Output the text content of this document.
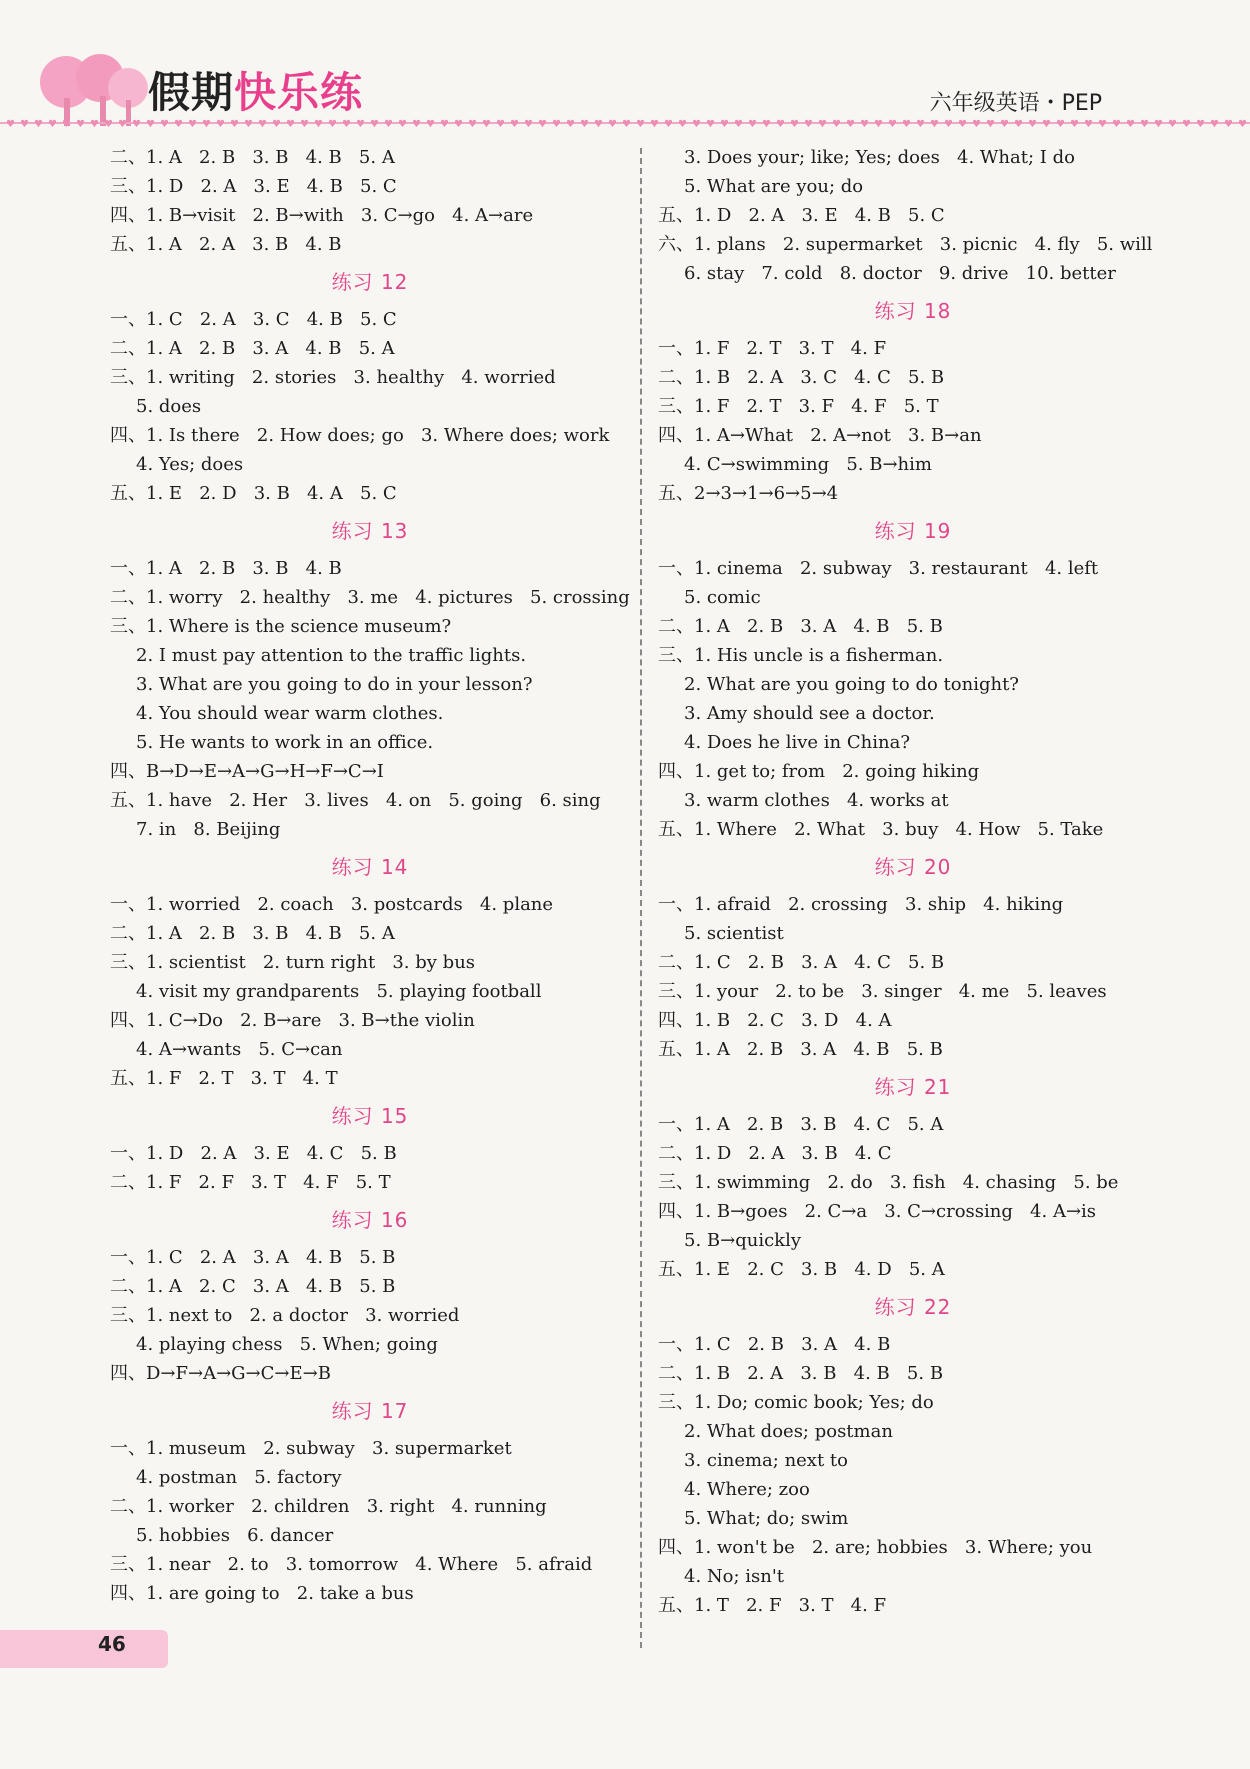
假期快乐练	六年级英语・PEP
♥ ♥ ♥ ♥ ♥ ♥ ♥ ♥ ♥ ♥ ♥ ♥ ♥ ♥ ♥ ♥ ♥ ♥ ♥ ♥ ♥ ♥ ♥ ♥ ♥ ♥ ♥ ♥ ♥ ♥ ♥ ♥ ♥ ♥ ♥ ♥ ♥ ♥ ♥ ♥ ♥ ♥ ♥ ♥ ♥ ♥ ♥ ♥ ♥ ♥ ♥ ♥ ♥ ♥ ♥ ♥ ♥ ♥ ♥ ♥ ♥ ♥ ♥ ♥ ♥ ♥ ♥ ♥ ♥ ♥ ♥ ♥ ♥ ♥ ♥ ♥ ♥ ♥ ♥ ♥ ♥ ♥ ♥ ♥ ♥ ♥ ♥ ♥ ♥
二、1. A   2. B   3. B   4. B   5. A
三、1. D   2. A   3. E   4. B   5. C
四、1. B→visit   2. B→with   3. C→go   4. A→are
五、1. A   2. A   3. B   4. B
练习 12
一、1. C   2. A   3. C   4. B   5. C
二、1. A   2. B   3. A   4. B   5. A
三、1. writing   2. stories   3. healthy   4. worried
5. does
四、1. Is there   2. How does; go   3. Where does; work
4. Yes; does
五、1. E   2. D   3. B   4. A   5. C
练习 13
一、1. A   2. B   3. B   4. B
二、1. worry   2. healthy   3. me   4. pictures   5. crossing
三、1. Where is the science museum?
2. I must pay attention to the traffic lights.
3. What are you going to do in your lesson?
4. You should wear warm clothes.
5. He wants to work in an office.
四、B→D→E→A→G→H→F→C→I
五、1. have   2. Her   3. lives   4. on   5. going   6. sing
7. in   8. Beijing
练习 14
一、1. worried   2. coach   3. postcards   4. plane
二、1. A   2. B   3. B   4. B   5. A
三、1. scientist   2. turn right   3. by bus
4. visit my grandparents   5. playing football
四、1. C→Do   2. B→are   3. B→the violin
4. A→wants   5. C→can
五、1. F   2. T   3. T   4. T
练习 15
一、1. D   2. A   3. E   4. C   5. B
二、1. F   2. F   3. T   4. F   5. T
练习 16
一、1. C   2. A   3. A   4. B   5. B
二、1. A   2. C   3. A   4. B   5. B
三、1. next to   2. a doctor   3. worried
4. playing chess   5. When; going
四、D→F→A→G→C→E→B
练习 17
一、1. museum   2. subway   3. supermarket
4. postman   5. factory
二、1. worker   2. children   3. right   4. running
5. hobbies   6. dancer
三、1. near   2. to   3. tomorrow   4. Where   5. afraid
四、1. are going to   2. take a bus
3. Does your; like; Yes; does   4. What; I do
5. What are you; do
五、1. D   2. A   3. E   4. B   5. C
六、1. plans   2. supermarket   3. picnic   4. fly   5. will
6. stay   7. cold   8. doctor   9. drive   10. better
练习 18
一、1. F   2. T   3. T   4. F
二、1. B   2. A   3. C   4. C   5. B
三、1. F   2. T   3. F   4. F   5. T
四、1. A→What   2. A→not   3. B→an
4. C→swimming   5. B→him
五、2→3→1→6→5→4
练习 19
一、1. cinema   2. subway   3. restaurant   4. left
5. comic
二、1. A   2. B   3. A   4. B   5. B
三、1. His uncle is a fisherman.
2. What are you going to do tonight?
3. Amy should see a doctor.
4. Does he live in China?
四、1. get to; from   2. going hiking
3. warm clothes   4. works at
五、1. Where   2. What   3. buy   4. How   5. Take
练习 20
一、1. afraid   2. crossing   3. ship   4. hiking
5. scientist
二、1. C   2. B   3. A   4. C   5. B
三、1. your   2. to be   3. singer   4. me   5. leaves
四、1. B   2. C   3. D   4. A
五、1. A   2. B   3. A   4. B   5. B
练习 21
一、1. A   2. B   3. B   4. C   5. A
二、1. D   2. A   3. B   4. C
三、1. swimming   2. do   3. fish   4. chasing   5. be
四、1. B→goes   2. C→a   3. C→crossing   4. A→is
5. B→quickly
五、1. E   2. C   3. B   4. D   5. A
练习 22
一、1. C   2. B   3. A   4. B
二、1. B   2. A   3. B   4. B   5. B
三、1. Do; comic book; Yes; do
2. What does; postman
3. cinema; next to
4. Where; zoo
5. What; do; swim
四、1. won't be   2. are; hobbies   3. Where; you
4. No; isn't
五、1. T   2. F   3. T   4. F
46
